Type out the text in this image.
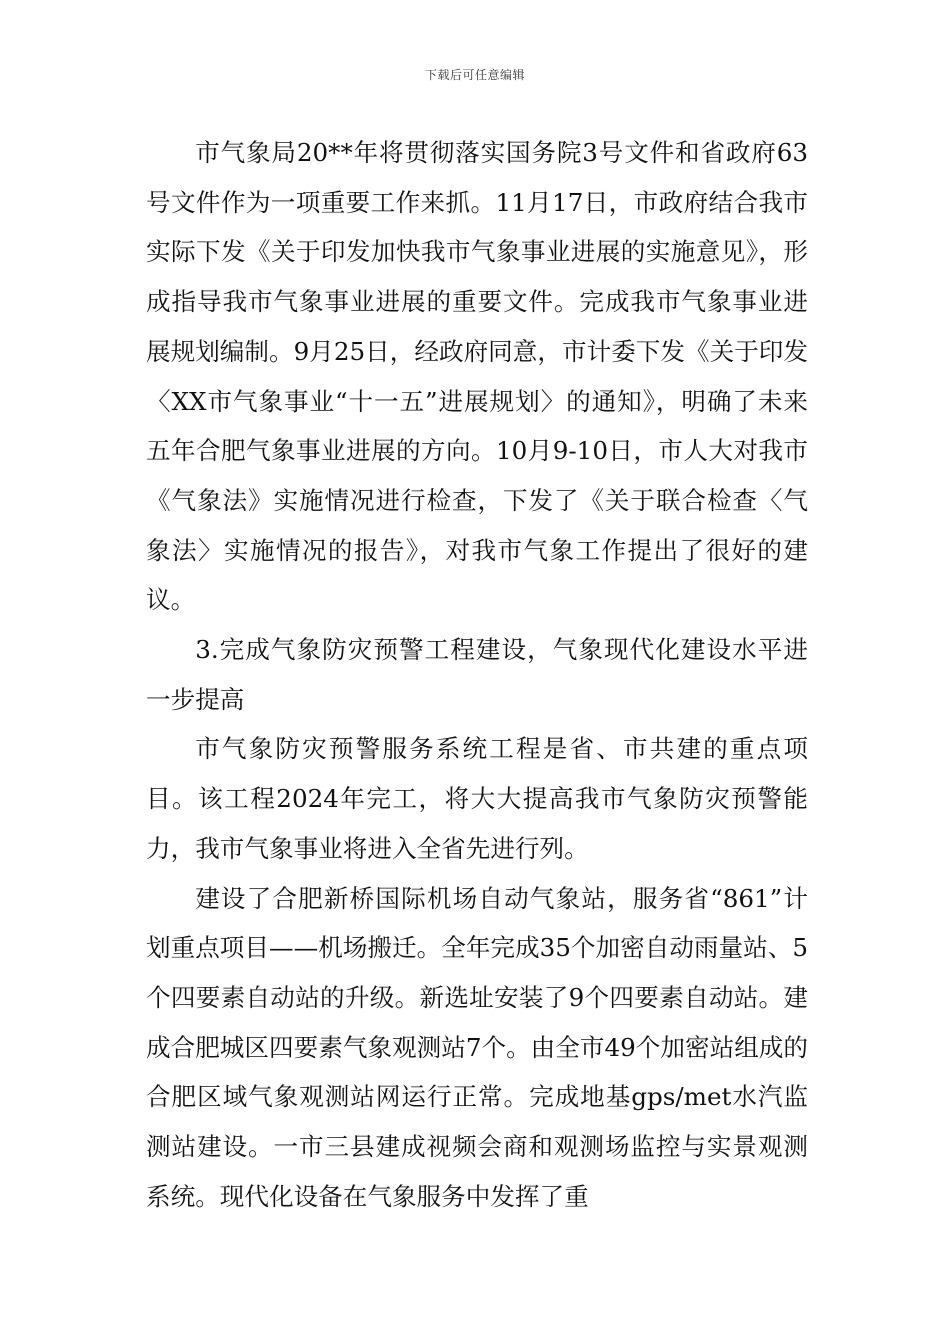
下载后可任意编辑

市气象局20**年将贯彻落实国务院3号文件和省政府63号文件作为一项重要工作来抓。11月17日，市政府结合我市实际下发《关于印发加快我市气象事业进展的实施意见》，形成指导我市气象事业进展的重要文件。完成我市气象事业进展规划编制。9月25日，经政府同意，市计委下发《关于印发〈XX市气象事业“十一五”进展规划〉的通知》，明确了未来五年合肥气象事业进展的方向。10月9-10日，市人大对我市《气象法》实施情况进行检查，下发了《关于联合检查〈气象法〉实施情况的报告》，对我市气象工作提出了很好的建议。

3.完成气象防灾预警工程建设，气象现代化建设水平进一步提高

市气象防灾预警服务系统工程是省、市共建的重点项目。该工程2024年完工，将大大提高我市气象防灾预警能力，我市气象事业将进入全省先进行列。

建设了合肥新桥国际机场自动气象站，服务省“861”计划重点项目——机场搬迁。全年完成35个加密自动雨量站、5个四要素自动站的升级。新选址安装了9个四要素自动站。建成合肥城区四要素气象观测站7个。由全市49个加密站组成的合肥区域气象观测站网运行正常。完成地基gps/met水汽监测站建设。一市三县建成视频会商和观测场监控与实景观测系统。现代化设备在气象服务中发挥了重
